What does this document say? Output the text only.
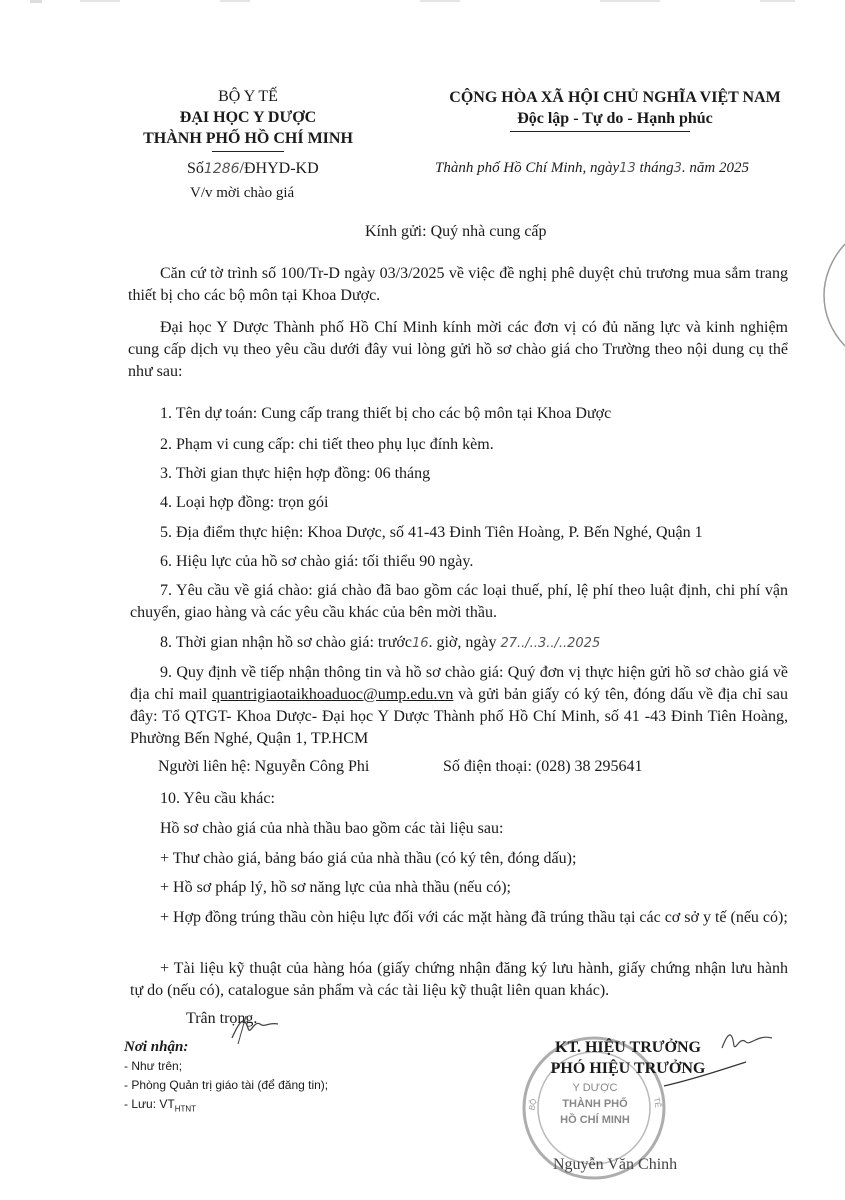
BỘ Y TẾ
ĐẠI HỌC Y DƯỢC
THÀNH PHỐ HỒ CHÍ MINH
Số1286/ĐHYD-KD
V/v mời chào giá
CỘNG HÒA XÃ HỘI CHỦ NGHĨA VIỆT NAM
Độc lập - Tự do - Hạnh phúc
Thành phố Hồ Chí Minh, ngày13 tháng3. năm 2025
Kính gửi: Quý nhà cung cấp
Căn cứ tờ trình số 100/Tr-D ngày 03/3/2025 về việc đề nghị phê duyệt chủ trương mua sắm trang thiết bị cho các bộ môn tại Khoa Dược.
Đại học Y Dược Thành phố Hồ Chí Minh kính mời các đơn vị có đủ năng lực và kinh nghiệm cung cấp dịch vụ theo yêu cầu dưới đây vui lòng gửi hồ sơ chào giá cho Trường theo nội dung cụ thể như sau:
1. Tên dự toán: Cung cấp trang thiết bị cho các bộ môn tại Khoa Dược
2. Phạm vi cung cấp: chi tiết theo phụ lục đính kèm.
3. Thời gian thực hiện hợp đồng: 06 tháng
4. Loại hợp đồng: trọn gói
5. Địa điểm thực hiện: Khoa Dược, số 41-43 Đinh Tiên Hoàng, P. Bến Nghé, Quận 1
6. Hiệu lực của hồ sơ chào giá: tối thiểu 90 ngày.
7. Yêu cầu về giá chào: giá chào đã bao gồm các loại thuế, phí, lệ phí theo luật định, chi phí vận chuyển, giao hàng và các yêu cầu khác của bên mời thầu.
8. Thời gian nhận hồ sơ chào giá: trước16. giờ, ngày 27../..3../..2025
9. Quy định về tiếp nhận thông tin và hồ sơ chào giá: Quý đơn vị thực hiện gửi hồ sơ chào giá về địa chỉ mail quantrigiaotaikhoaduoc@ump.edu.vn và gửi bản giấy có ký tên, đóng dấu về địa chỉ sau đây: Tổ QTGT- Khoa Dược- Đại học Y Dược Thành phố Hồ Chí Minh, số 41 -43 Đinh Tiên Hoàng, Phường Bến Nghé, Quận 1, TP.HCM
Người liên hệ: Nguyễn Công Phi	Số điện thoại: (028) 38 295641
10. Yêu cầu khác:
Hồ sơ chào giá của nhà thầu bao gồm các tài liệu sau:
+ Thư chào giá, bảng báo giá của nhà thầu (có ký tên, đóng dấu);
+ Hồ sơ pháp lý, hồ sơ năng lực của nhà thầu (nếu có);
+ Hợp đồng trúng thầu còn hiệu lực đối với các mặt hàng đã trúng thầu tại các cơ sở y tế (nếu có);
+ Tài liệu kỹ thuật của hàng hóa (giấy chứng nhận đăng ký lưu hành, giấy chứng nhận lưu hành tự do (nếu có), catalogue sản phẩm và các tài liệu kỹ thuật liên quan khác).
Trân trọng.
Nơi nhận:
- Như trên;
- Phòng Quản trị giáo tài (để đăng tin);
- Lưu: $VT_{HTNT}$
Y DƯỢC
THÀNH PHỐ
HỒ CHÍ MINH
BỘ	TẾ
KT. HIỆU TRƯỞNG
PHÓ HIỆU TRƯỞNG
Nguyễn Văn Chinh
